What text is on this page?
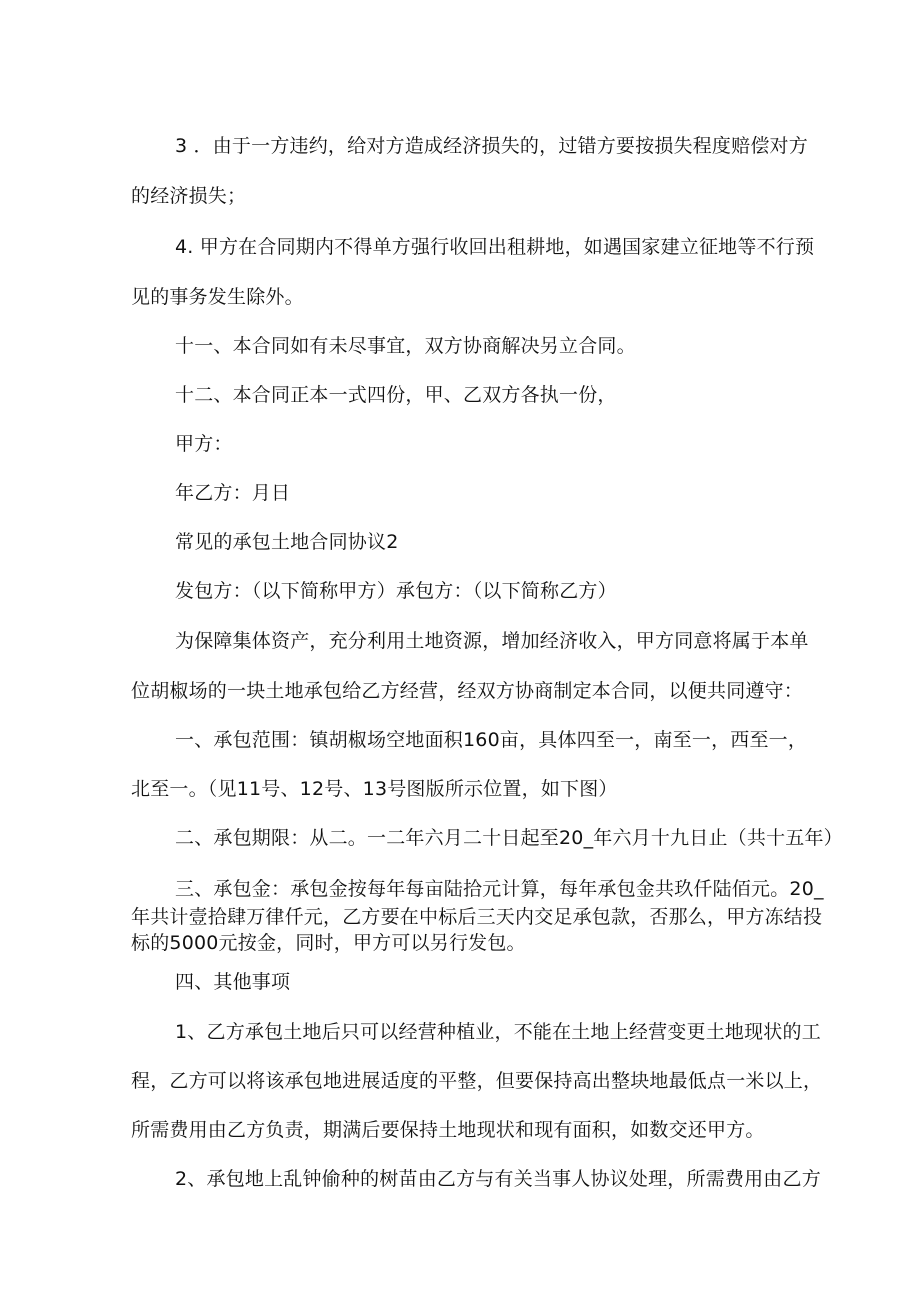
3 ．由于一方违约，给对方造成经济损失的，过错方要按损失程度赔偿对方
的经济损失；
4. 甲方在合同期内不得单方强行收回出租耕地，如遇国家建立征地等不行预
见的事务发生除外。
十一、本合同如有未尽事宜，双方协商解决另立合同。
十二、本合同正本一式四份，甲、乙双方各执一份，
甲方：
年乙方：月日
常见的承包土地合同协议2
发包方：（以下简称甲方）承包方：（以下简称乙方）
为保障集体资产，充分利用土地资源，增加经济收入，甲方同意将属于本单
位胡椒场的一块土地承包给乙方经营，经双方协商制定本合同，以便共同遵守：
一、承包范围：镇胡椒场空地面积160亩，具体四至一，南至一，西至一，
北至一。（见11号、12号、13号图版所示位置，如下图）
二、承包期限：从二。一二年六月二十日起至20_年六月十九日止（共十五年）
三、承包金：承包金按每年每亩陆拾元计算，每年承包金共玖仟陆佰元。20_
年共计壹拾肆万律仟元，乙方要在中标后三天内交足承包款，否那么，甲方冻结投
标的5000元按金，同时，甲方可以另行发包。
四、其他事项
1、乙方承包土地后只可以经营种植业，不能在土地上经营变更土地现状的工
程，乙方可以将该承包地进展适度的平整，但要保持高出整块地最低点一米以上，
所需费用由乙方负责，期满后要保持土地现状和现有面积，如数交还甲方。
2、承包地上乱钟偷种的树苗由乙方与有关当事人协议处理，所需费用由乙方
